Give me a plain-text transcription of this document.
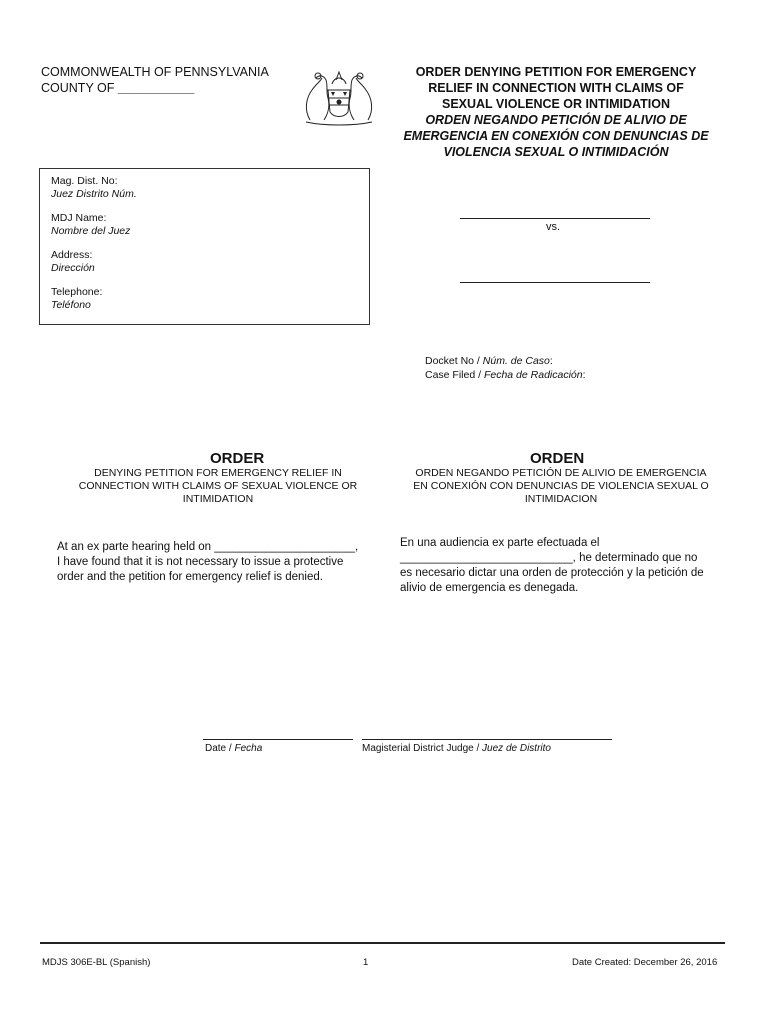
COMMONWEALTH OF PENNSYLVANIA
COUNTY OF ___________
ORDER DENYING PETITION FOR EMERGENCY
RELIEF IN CONNECTION WITH CLAIMS OF
SEXUAL VIOLENCE OR INTIMIDATION
ORDEN NEGANDO PETICIÓN DE ALIVIO DE
EMERGENCIA EN CONEXIÓN CON DENUNCIAS DE
VIOLENCIA SEXUAL O INTIMIDACIÓN
Mag. Dist. No:
Juez Distrito Núm.
MDJ Name:
Nombre del Juez
Address:
Dirección
Telephone:
Teléfono
vs.
Docket No / Núm. de Caso:
Case Filed / Fecha de Radicación:
ORDER
DENYING PETITION FOR EMERGENCY RELIEF IN
CONNECTION WITH CLAIMS OF SEXUAL VIOLENCE OR
INTIMIDATION
At an ex parte hearing held on ______________________,
I have found that it is not necessary to issue a protective
order and the petition for emergency relief is denied.
ORDEN
ORDEN NEGANDO PETICIÓN DE ALIVIO DE EMERGENCIA
EN CONEXIÓN CON DENUNCIAS DE VIOLENCIA SEXUAL O
INTIMIDACION
En una audiencia ex parte efectuada el
___________________________, he determinado que no
es necesario dictar una orden de protección y la petición de
alivio de emergencia es denegada.
Date / Fecha	Magisterial District Judge / Juez de Distrito
MDJS 306E-BL (Spanish)	1	Date Created: December 26, 2016
